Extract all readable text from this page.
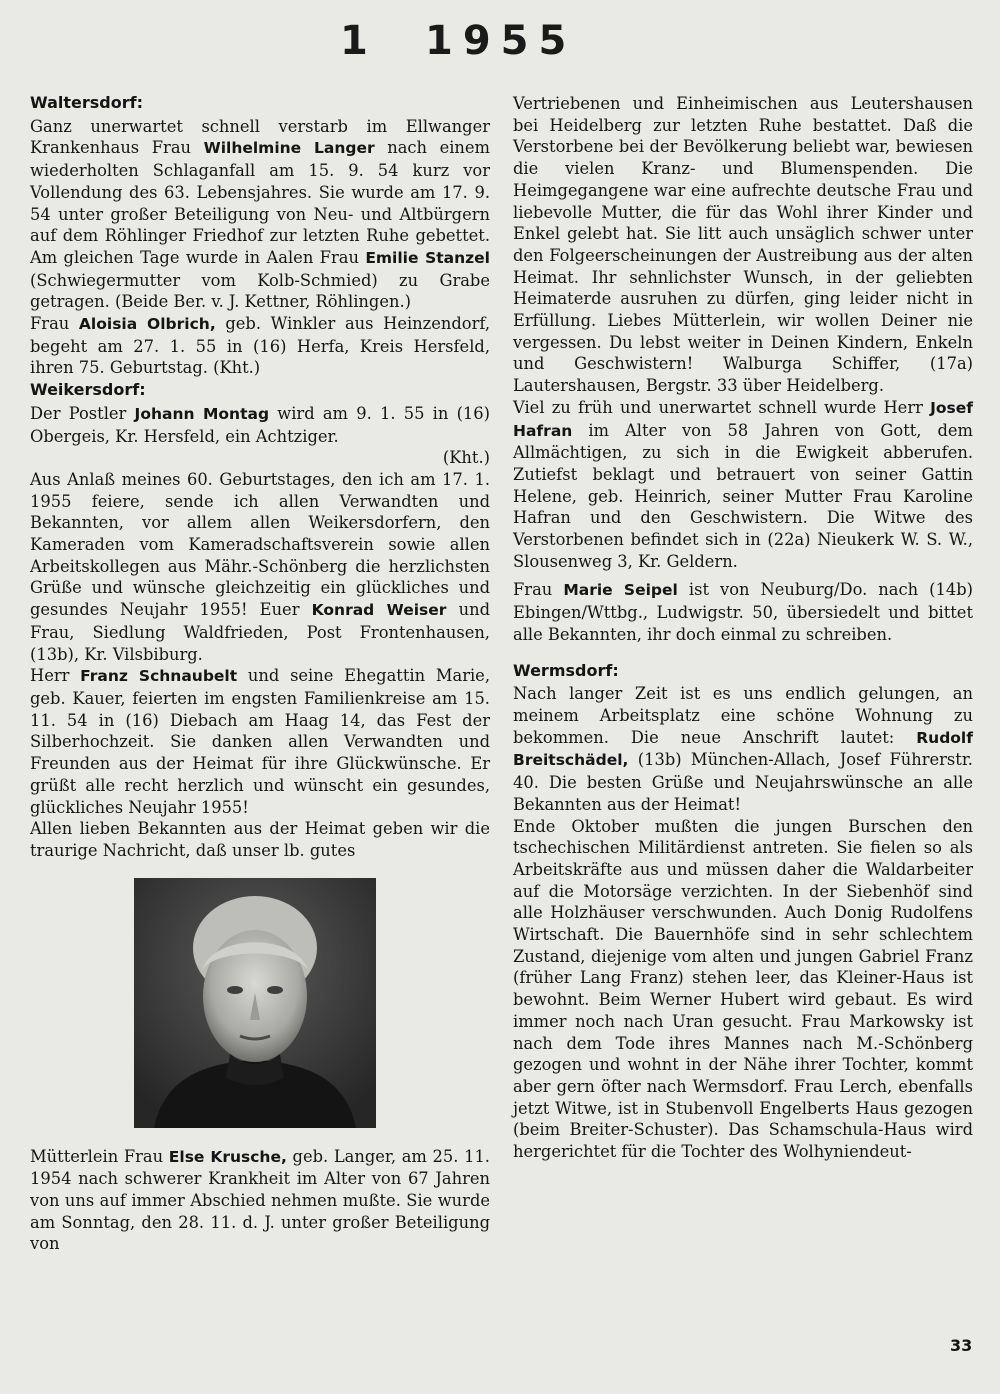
1 1955
Waltersdorf:

Ganz unerwartet schnell verstarb im Ellwanger Krankenhaus Frau Wilhelmine Langer nach einem wiederholten Schlaganfall am 15. 9. 54 kurz vor Vollendung des 63. Lebensjahres. Sie wurde am 17. 9. 54 unter großer Beteiligung von Neu- und Altbürgern auf dem Röhlinger Friedhof zur letzten Ruhe gebettet. Am gleichen Tage wurde in Aalen Frau Emilie Stanzel (Schwiegermutter vom Kolb-Schmied) zu Grabe getragen. (Beide Ber. v. J. Kettner, Röhlingen.)

Frau Aloisia Olbrich, geb. Winkler aus Heinzendorf, begeht am 27. 1. 55 in (16) Herfa, Kreis Hersfeld, ihren 75. Geburtstag. (Kht.)

Weikersdorf:

Der Postler Johann Montag wird am 9. 1. 55 in (16) Obergeis, Kr. Hersfeld, ein Achtziger.

(Kht.)

Aus Anlaß meines 60. Geburtstages, den ich am 17. 1. 1955 feiere, sende ich allen Verwandten und Bekannten, vor allem allen Weikersdorfern, den Kameraden vom Kameradschaftsverein sowie allen Arbeitskollegen aus Mähr.-Schönberg die herzlichsten Grüße und wünsche gleichzeitig ein glückliches und gesundes Neujahr 1955! Euer Konrad Weiser und Frau, Siedlung Waldfrieden, Post Frontenhausen, (13b), Kr. Vilsbiburg.

Herr Franz Schnaubelt und seine Ehegattin Marie, geb. Kauer, feierten im engsten Familienkreise am 15. 11. 54 in (16) Diebach am Haag 14, das Fest der Silberhochzeit. Sie danken allen Verwandten und Freunden aus der Heimat für ihre Glückwünsche. Er grüßt alle recht herzlich und wünscht ein gesundes, glückliches Neujahr 1955!

Allen lieben Bekannten aus der Heimat geben wir die traurige Nachricht, daß unser lb. gutes

Mütterlein Frau Else Krusche, geb. Langer, am 25. 11. 1954 nach schwerer Krankheit im Alter von 67 Jahren von uns auf immer Abschied nehmen mußte. Sie wurde am Sonntag, den 28. 11. d. J. unter großer Beteiligung von

Vertriebenen und Einheimischen aus Leutershausen bei Heidelberg zur letzten Ruhe bestattet. Daß die Verstorbene bei der Bevölkerung beliebt war, bewiesen die vielen Kranz- und Blumenspenden. Die Heimgegangene war eine aufrechte deutsche Frau und liebevolle Mutter, die für das Wohl ihrer Kinder und Enkel gelebt hat. Sie litt auch unsäglich schwer unter den Folgeerscheinungen der Austreibung aus der alten Heimat. Ihr sehnlichster Wunsch, in der geliebten Heimaterde ausruhen zu dürfen, ging leider nicht in Erfüllung. Liebes Mütterlein, wir wollen Deiner nie vergessen. Du lebst weiter in Deinen Kindern, Enkeln und Geschwistern! Walburga Schiffer, (17a) Lautershausen, Bergstr. 33 über Heidelberg.

Viel zu früh und unerwartet schnell wurde Herr Josef Hafran im Alter von 58 Jahren von Gott, dem Allmächtigen, zu sich in die Ewigkeit abberufen. Zutiefst beklagt und betrauert von seiner Gattin Helene, geb. Heinrich, seiner Mutter Frau Karoline Hafran und den Geschwistern. Die Witwe des Verstorbenen befindet sich in (22a) Nieukerk W. S. W., Slousenweg 3, Kr. Geldern.

Frau Marie Seipel ist von Neuburg/Do. nach (14b) Ebingen/Wttbg., Ludwigstr. 50, übersiedelt und bittet alle Bekannten, ihr doch einmal zu schreiben.

Wermsdorf:

Nach langer Zeit ist es uns endlich gelungen, an meinem Arbeitsplatz eine schöne Wohnung zu bekommen. Die neue Anschrift lautet: Rudolf Breitschädel, (13b) München-Allach, Josef Führerstr. 40. Die besten Grüße und Neujahrswünsche an alle Bekannten aus der Heimat!

Ende Oktober mußten die jungen Burschen den tschechischen Militärdienst antreten. Sie fielen so als Arbeitskräfte aus und müssen daher die Waldarbeiter auf die Motorsäge verzichten. In der Siebenhöf sind alle Holzhäuser verschwunden. Auch Donig Rudolfens Wirtschaft. Die Bauernhöfe sind in sehr schlechtem Zustand, diejenige vom alten und jungen Gabriel Franz (früher Lang Franz) stehen leer, das Kleiner-Haus ist bewohnt. Beim Werner Hubert wird gebaut. Es wird immer noch nach Uran gesucht. Frau Markowsky ist nach dem Tode ihres Mannes nach M.-Schönberg gezogen und wohnt in der Nähe ihrer Tochter, kommt aber gern öfter nach Wermsdorf. Frau Lerch, ebenfalls jetzt Witwe, ist in Stubenvoll Engelberts Haus gezogen (beim Breiter-Schuster). Das Schamschula-Haus wird hergerichtet für die Tochter des Wolhyniendeut-

33
